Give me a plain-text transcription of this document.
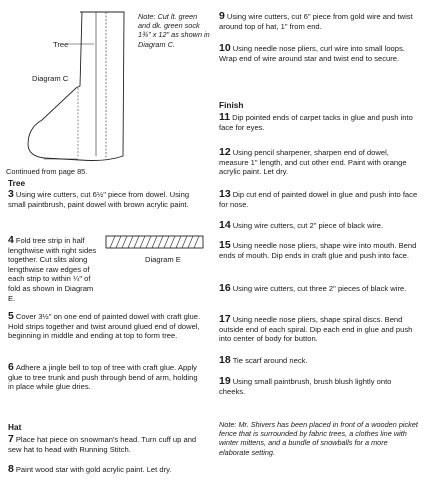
Tree
Diagram C
Note: Cut lt. green and dk. green sock 1¾" x 12" as shown in Diagram C.
Continued from page 85.
Tree
3 Using wire cutters, cut 6½" piece from dowel. Using small paintbrush, paint dowel with brown acrylic paint.
Diagram E
4 Fold tree strip in half lengthwise with right sides together. Cut slits along lengthwise raw edges of each strip to within ¼" of fold as shown in Diagram E.
5 Cover 3½" on one end of painted dowel with craft glue. Hold strips together and twist around glued end of dowel, beginning in middle and ending at top to form tree.
6 Adhere a jingle bell to top of tree with craft glue. Apply glue to tree trunk and push through bend of arm, holding in place while glue dries.
Hat
7 Place hat piece on snowman's head. Turn cuff up and sew hat to head with Running Stitch.
8 Paint wood star with gold acrylic paint. Let dry.
9 Using wire cutters, cut 6" piece from gold wire and twist around top of hat, 1" from end.
10 Using needle nose pliers, curl wire into small loops. Wrap end of wire around star and twist end to secure.
Finish
11 Dip pointed ends of carpet tacks in glue and push into face for eyes.
12 Using pencil sharpener, sharpen end of dowel, measure 1" length, and cut other end. Paint with orange acrylic paint. Let dry.
13 Dip cut end of painted dowel in glue and push into face for nose.
14 Using wire cutters, cut 2" piece of black wire.
15 Using needle nose pliers, shape wire into mouth. Bend ends of mouth. Dip ends in craft glue and push into face.
16 Using wire cutters, cut three 2" pieces of black wire.
17 Using needle nose pliers, shape spiral discs. Bend outside end of each spiral. Dip each end in glue and push into center of body for button.
18 Tie scarf around neck.
19 Using small paintbrush, brush blush lightly onto cheeks.
Note: Mr. Shivers has been placed in front of a wooden picket fence that is surrounded by fabric trees, a clothes line with winter mittens, and a bundle of snowballs for a more elaborate setting.
